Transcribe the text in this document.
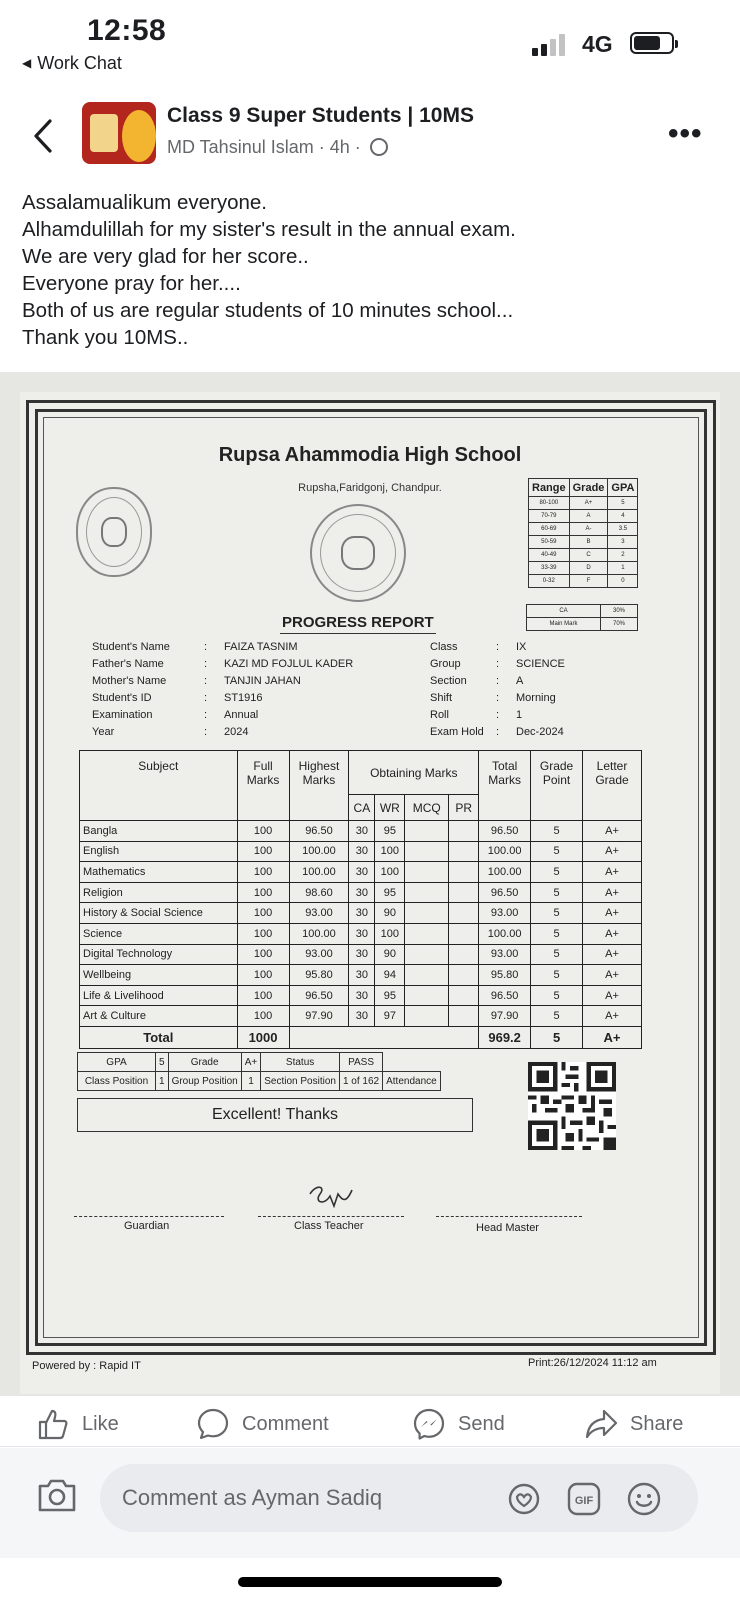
12:58
◀ Work Chat
4G
Class 9 Super Students | 10MS
MD Tahsinul Islam · 4h ·	•••
Assalamualikum everyone.
Alhamdulillah for my sister's result in the annual exam.
We are very glad for her score..
Everyone pray for her....
Both of us are regular students of 10 minutes school...
Thank you 10MS..
Rupsa Ahammodia High School
Rupsha,Faridgonj, Chandpur.	Range	Grade	GPA
80-100	A+	5
70-79	A	4
60-69	A-	3.5
50-59	B	3
40-49	C	2
33-39	D	1
0-32	F	0
CA	30%
Main Mark	70%
PROGRESS REPORT
Student's Name	: FAIZA TASNIM
Father's Name	: KAZI MD FOJLUL KADER
Mother's Name	: TANJIN JAHAN
Student's ID	: ST1916
Examination	: Annual
Year	: 2024
Class	: IX
Group	: SCIENCE
Section	: A
Shift	: Morning
Roll	: 1
Exam Hold : Dec-2024
Subject	Full Marks	Highest Marks	Obtaining Marks				Total Marks	Grade Point	Letter Grade
			CA	WR	MCQ	PR			
Bangla	100	96.50	30	95			96.50	5	A+
English	100	100.00	30	100			100.00	5	A+
Mathematics	100	100.00	30	100			100.00	5	A+
Religion	100	98.60	30	95			96.50	5	A+
History & Social Science	100	93.00	30	90			93.00	5	A+
Science	100	100.00	30	100			100.00	5	A+
Digital Technology	100	93.00	30	90			93.00	5	A+
Wellbeing	100	95.80	30	94			95.80	5	A+
Life & Livelihood	100	96.50	30	95			96.50	5	A+
Art & Culture	100	97.90	30	97			97.90	5	A+
Total	1000						969.2	5	A+
GPA	5	Grade	A+	Status	PASS	
Class Position	1	Group Position	1	Section Position	1 of 162	Attendance
Excellent! Thanks
Guardian	Class Teacher	Head Master
Powered by : Rapid IT	Print:26/12/2024 11:12 am
Like	Comment	Send	Share
Comment as Ayman Sadiq	GIF
